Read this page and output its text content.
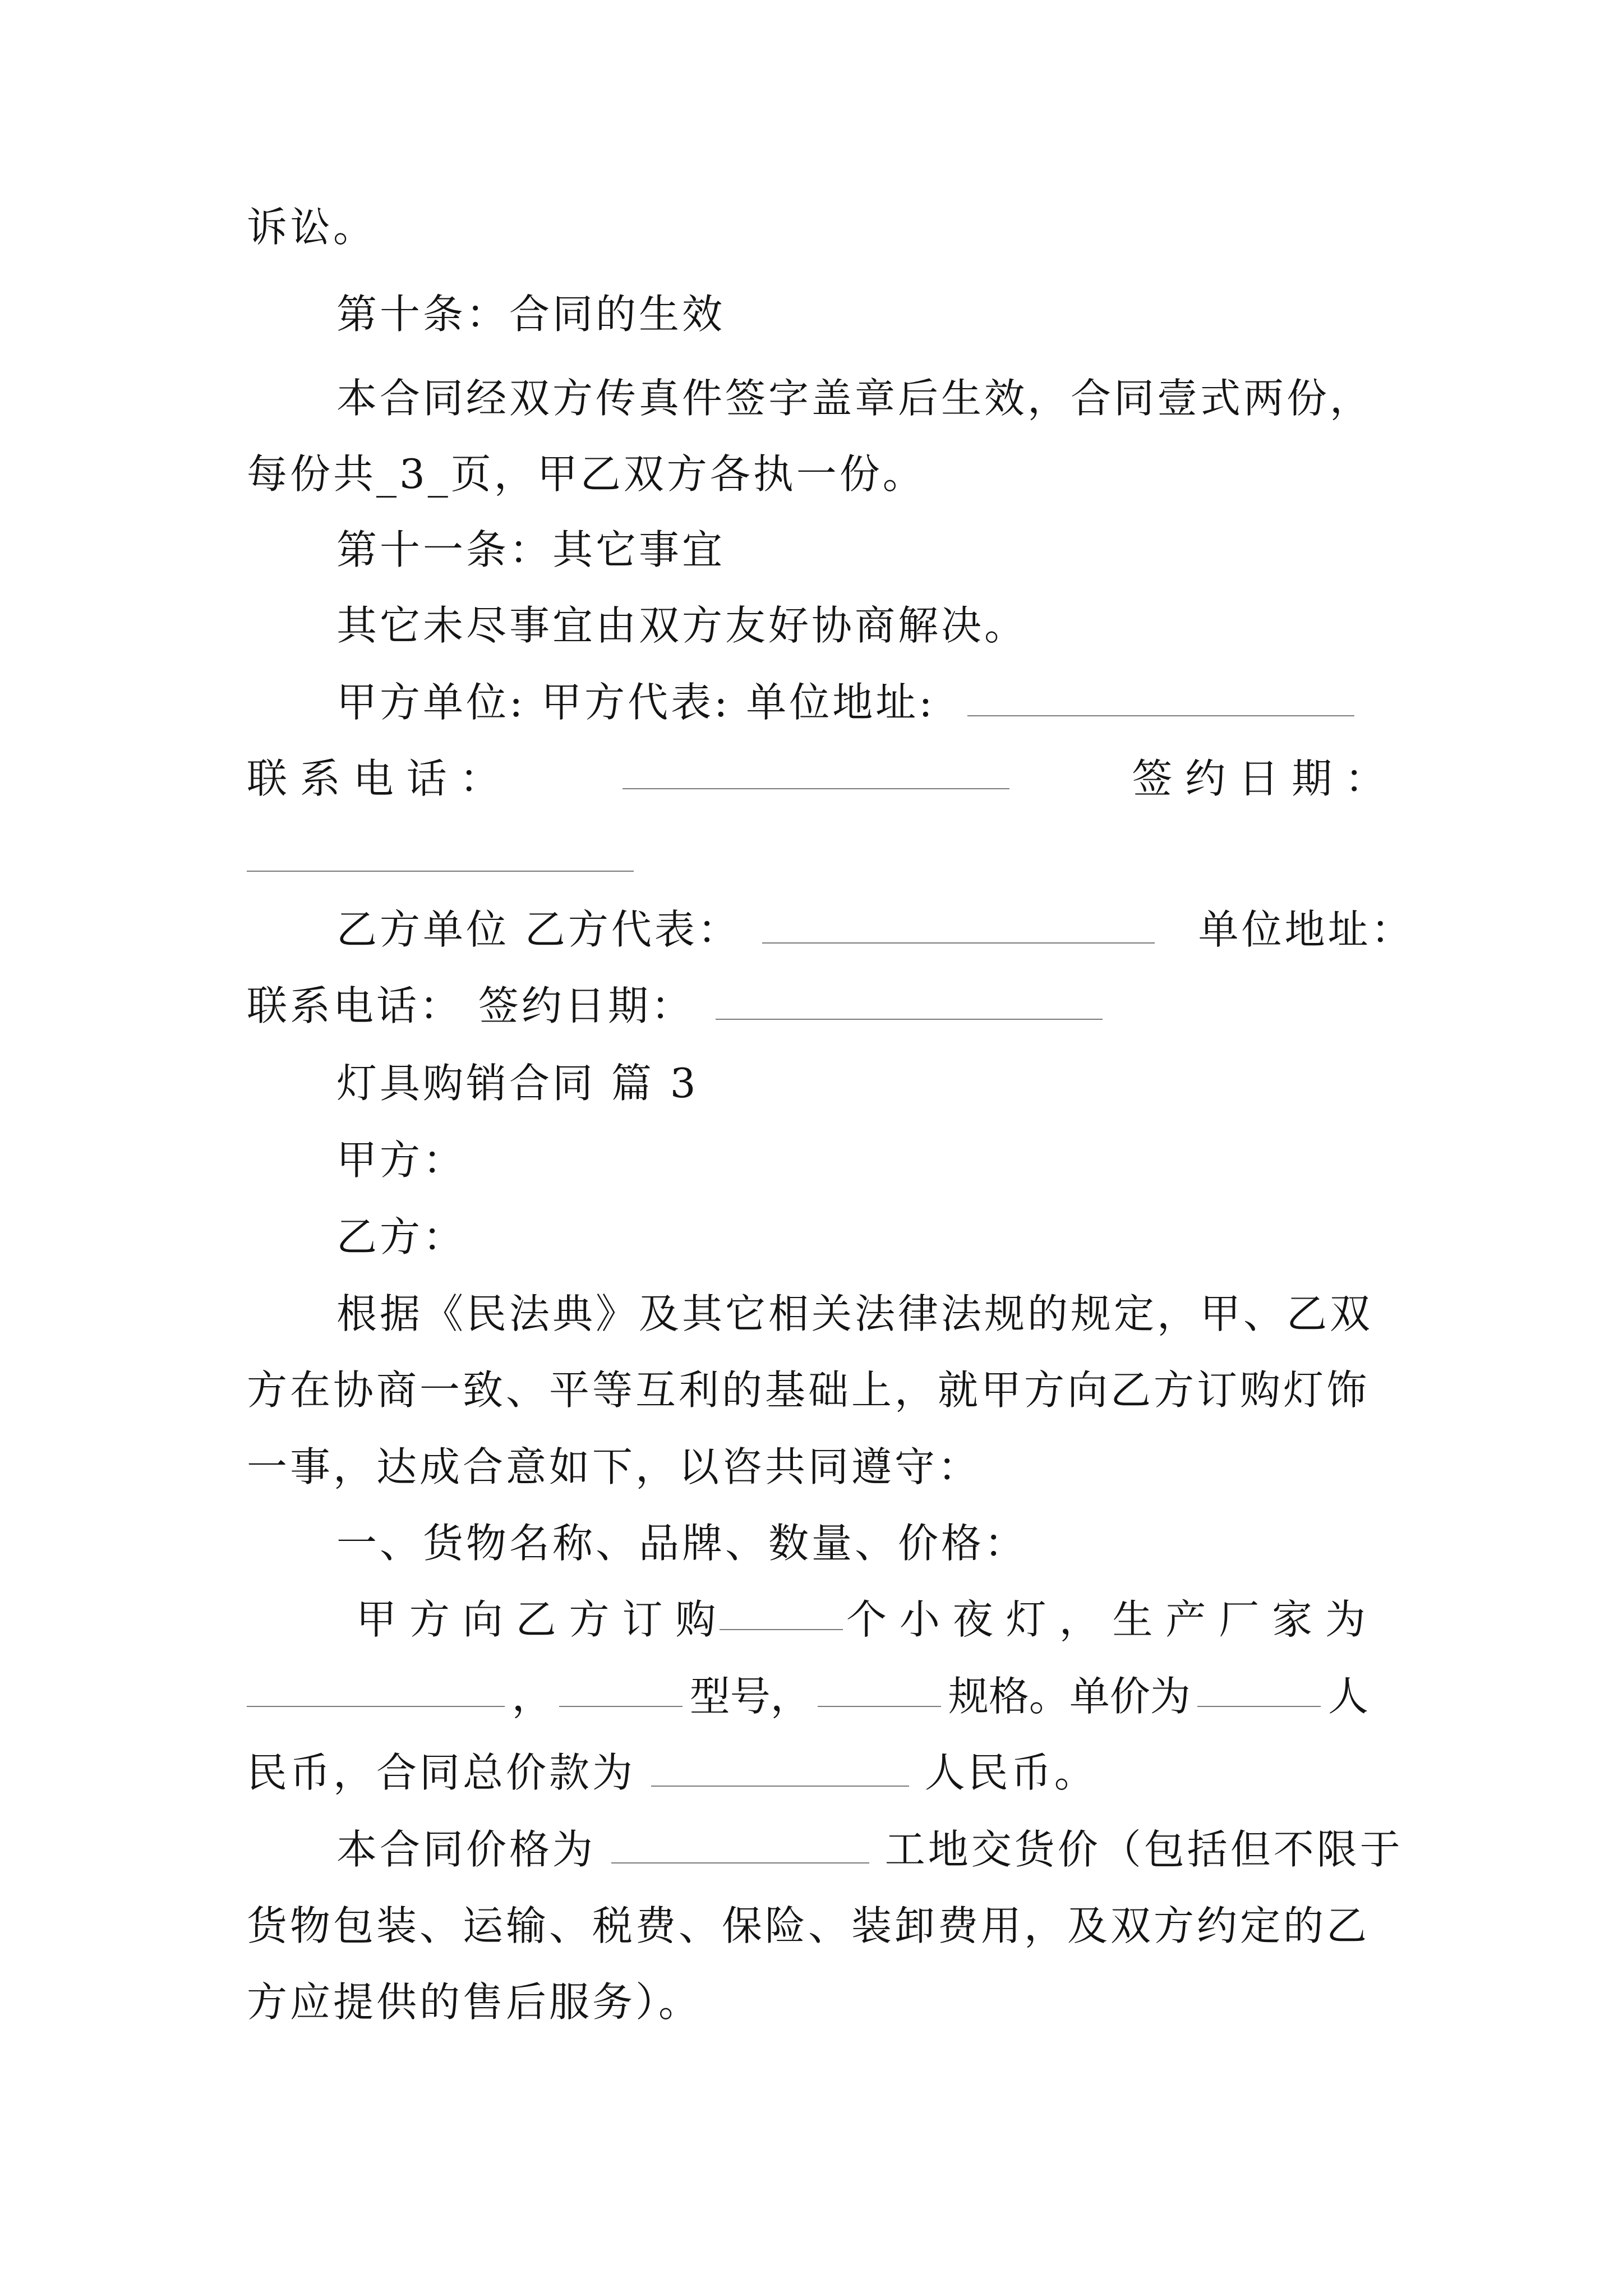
诉讼。
第十条：合同的生效
本合同经双方传真件签字盖章后生效，合同壹式两份，
每份共_3_页，甲乙双方各执一份。
第十一条：其它事宜
其它未尽事宜由双方友好协商解决。
甲方单位: 甲方代表: 单位地址:
联 系 电 话 ：	签 约 日 期 ：
乙方单位 乙方代表：	单位地址：
联系电话： 签约日期：
灯具购销合同 篇 3
甲方：
乙方：
根据《民法典》及其它相关法律法规的规定，甲、乙双
方在协商一致、平等互利的基础上，就甲方向乙方订购灯饰
一事，达成合意如下，以咨共同遵守：
一、货物名称、品牌、数量、价格：
甲 方 向 乙 方 订 购	个 小 夜 灯 ， 生 产 厂 家 为
，	型号，	规格。单价为	人
民币，合同总价款为	人民币。
本合同价格为	工地交货价（包括但不限于
货物包装、运输、税费、保险、装卸费用，及双方约定的乙
方应提供的售后服务）。
